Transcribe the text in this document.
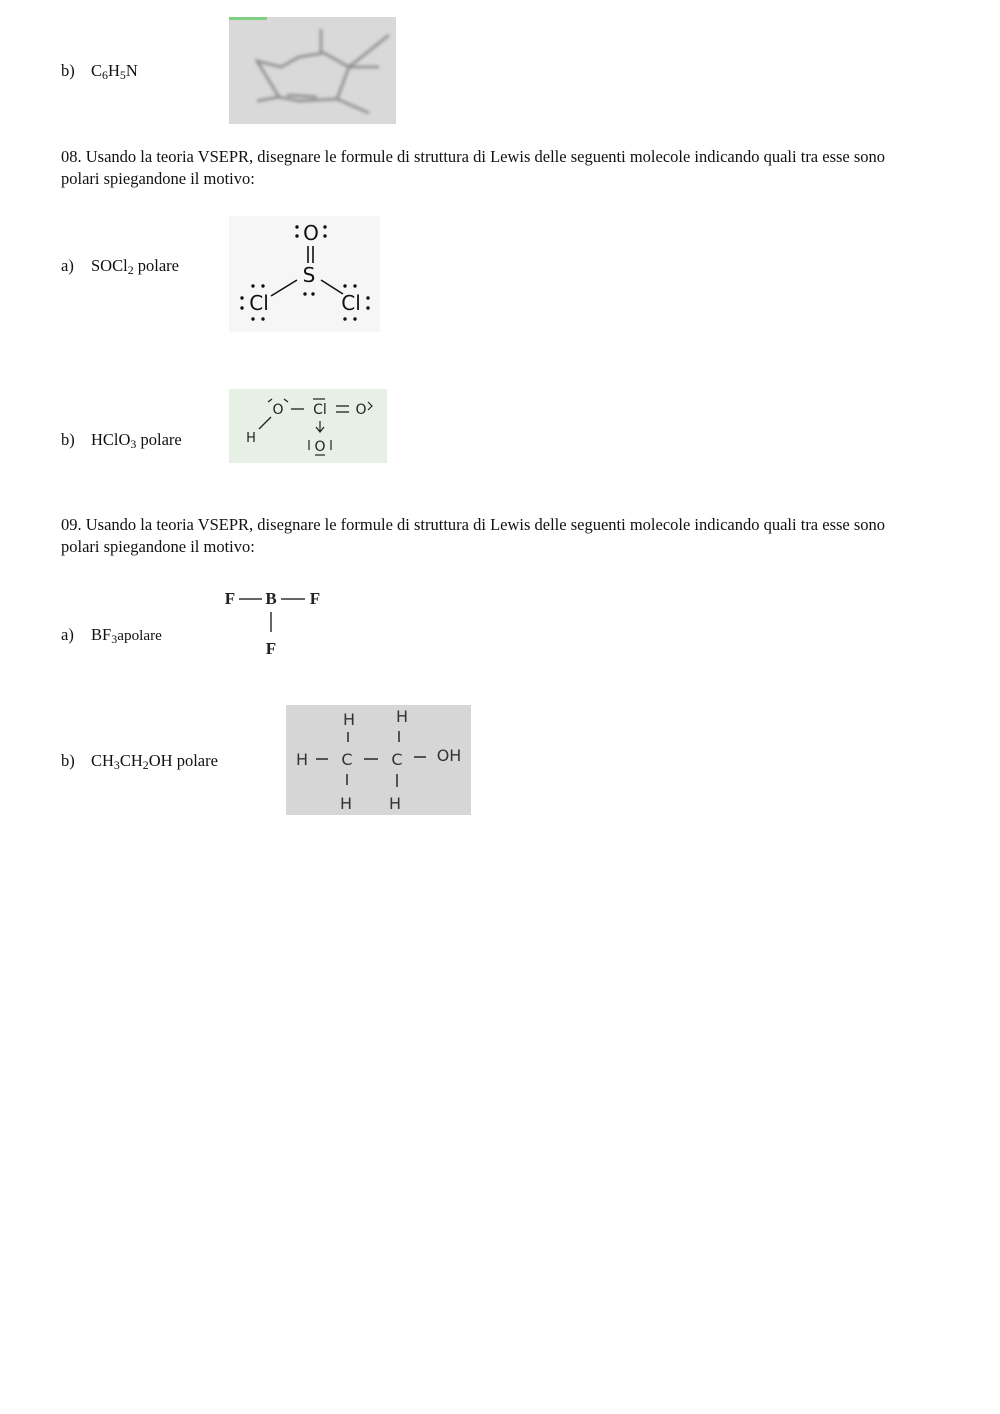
b) $C_6H_5N$
08. Usando la teoria VSEPR, disegnare le formule di struttura di Lewis delle seguenti molecole indicando quali tra esse sono polari spiegandone il motivo:
a) SOCl$_2$ polare
O
S
Cl	Cl
b) HClO$_3$ polare	H
O Cl O
O
09. Usando la teoria VSEPR, disegnare le formule di struttura di Lewis delle seguenti molecole indicando quali tra esse sono polari spiegandone il motivo:
a) $BF_3$ apolare
F B F
F
b) $CH_3CH_2OH$ polare
H	H
H C C OH
H H
